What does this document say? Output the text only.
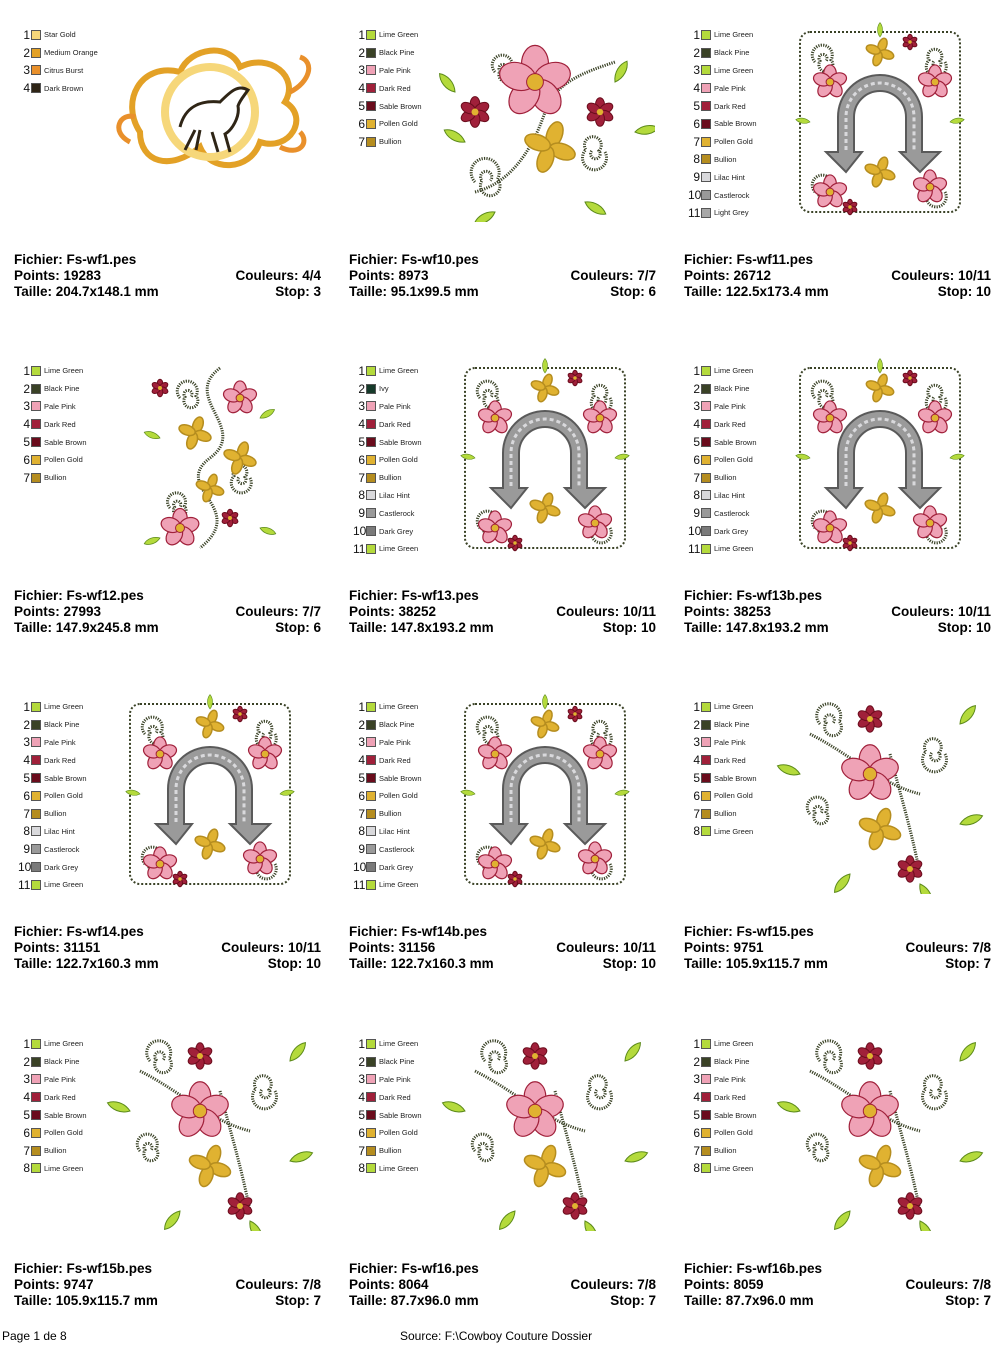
1 Star Gold
2 Medium Orange
3 Citrus Burst
4 Dark Brown
Fichier: Fs-wf1.pes
Points: 19283	Couleurs: 4/4
Taille: 204.7x148.1 mm	Stop: 3
1 Lime Green
2 Black Pine
3 Pale Pink
4 Dark Red
5 Sable Brown
6 Pollen Gold
7 Bullion
Fichier: Fs-wf10.pes
Points: 8973	Couleurs: 7/7
Taille: 95.1x99.5 mm	Stop: 6
1 Lime Green
2 Black Pine
3 Lime Green
4 Pale Pink
5 Dark Red
6 Sable Brown
7 Pollen Gold
8 Bullion
9 Lilac Hint
10 Castlerock
11 Light Grey
Fichier: Fs-wf11.pes
Points: 26712	Couleurs: 10/11
Taille: 122.5x173.4 mm	Stop: 10
1 Lime Green
2 Black Pine
3 Pale Pink
4 Dark Red
5 Sable Brown
6 Pollen Gold
7 Bullion
Fichier: Fs-wf12.pes
Points: 27993	Couleurs: 7/7
Taille: 147.9x245.8 mm	Stop: 6
1 Lime Green
2 Ivy
3 Pale Pink
4 Dark Red
5 Sable Brown
6 Pollen Gold
7 Bullion
8 Lilac Hint
9 Castlerock
10 Dark Grey
11 Lime Green
Fichier: Fs-wf13.pes
Points: 38252	Couleurs: 10/11
Taille: 147.8x193.2 mm	Stop: 10
1 Lime Green
2 Black Pine
3 Pale Pink
4 Dark Red
5 Sable Brown
6 Pollen Gold
7 Bullion
8 Lilac Hint
9 Castlerock
10 Dark Grey
11 Lime Green
Fichier: Fs-wf13b.pes
Points: 38253	Couleurs: 10/11
Taille: 147.8x193.2 mm	Stop: 10
1 Lime Green
2 Black Pine
3 Pale Pink
4 Dark Red
5 Sable Brown
6 Pollen Gold
7 Bullion
8 Lilac Hint
9 Castlerock
10 Dark Grey
11 Lime Green
Fichier: Fs-wf14.pes
Points: 31151	Couleurs: 10/11
Taille: 122.7x160.3 mm	Stop: 10
1 Lime Green
2 Black Pine
3 Pale Pink
4 Dark Red
5 Sable Brown
6 Pollen Gold
7 Bullion
8 Lilac Hint
9 Castlerock
10 Dark Grey
11 Lime Green
Fichier: Fs-wf14b.pes
Points: 31156	Couleurs: 10/11
Taille: 122.7x160.3 mm	Stop: 10
1 Lime Green
2 Black Pine
3 Pale Pink
4 Dark Red
5 Sable Brown
6 Pollen Gold
7 Bullion
8 Lime Green
Fichier: Fs-wf15.pes
Points: 9751	Couleurs: 7/8
Taille: 105.9x115.7 mm	Stop: 7
1 Lime Green
2 Black Pine
3 Pale Pink
4 Dark Red
5 Sable Brown
6 Pollen Gold
7 Bullion
8 Lime Green
Fichier: Fs-wf15b.pes
Points: 9747	Couleurs: 7/8
Taille: 105.9x115.7 mm	Stop: 7
1 Lime Green
2 Black Pine
3 Pale Pink
4 Dark Red
5 Sable Brown
6 Pollen Gold
7 Bullion
8 Lime Green
Fichier: Fs-wf16.pes
Points: 8064	Couleurs: 7/8
Taille: 87.7x96.0 mm	Stop: 7
1 Lime Green
2 Black Pine
3 Pale Pink
4 Dark Red
5 Sable Brown
6 Pollen Gold
7 Bullion
8 Lime Green
Fichier: Fs-wf16b.pes
Points: 8059	Couleurs: 7/8
Taille: 87.7x96.0 mm	Stop: 7
Page 1 de 8	Source: F:\Cowboy Couture Dossier
